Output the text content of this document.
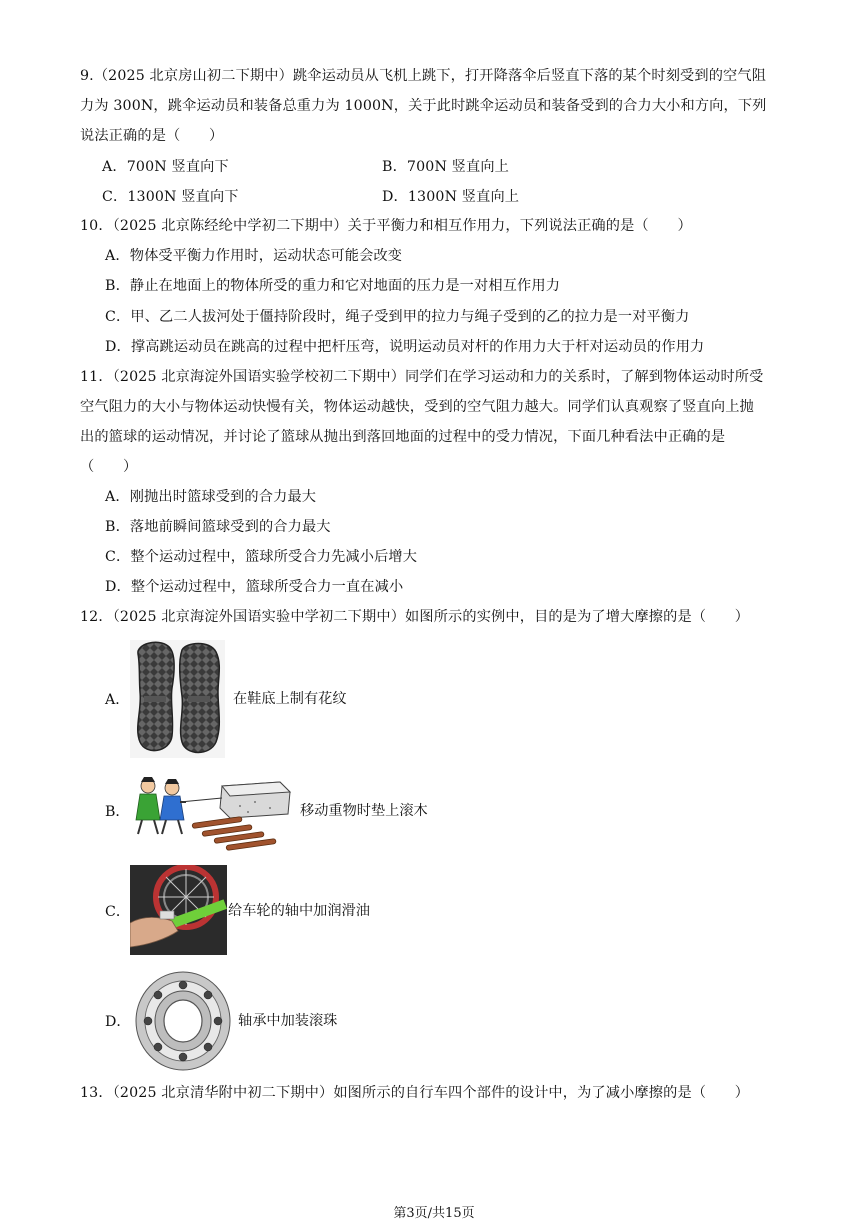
9.（2025 北京房山初二下期中）跳伞运动员从飞机上跳下，打开降落伞后竖直下落的某个时刻受到的空气阻
力为 300N，跳伞运动员和装备总重力为 1000N，关于此时跳伞运动员和装备受到的合力大小和方向，下列
说法正确的是（　　）
A．700N 竖直向下	B．700N 竖直向上
C．1300N 竖直向下	D．1300N 竖直向上
10．（2025 北京陈经纶中学初二下期中）关于平衡力和相互作用力，下列说法正确的是（　　）
A．物体受平衡力作用时，运动状态可能会改变
B．静止在地面上的物体所受的重力和它对地面的压力是一对相互作用力
C．甲、乙二人拔河处于僵持阶段时，绳子受到甲的拉力与绳子受到的乙的拉力是一对平衡力
D．撑高跳运动员在跳高的过程中把杆压弯，说明运动员对杆的作用力大于杆对运动员的作用力
11．（2025 北京海淀外国语实验学校初二下期中）同学们在学习运动和力的关系时，了解到物体运动时所受
空气阻力的大小与物体运动快慢有关，物体运动越快，受到的空气阻力越大。同学们认真观察了竖直向上抛
出的篮球的运动情况，并讨论了篮球从抛出到落回地面的过程中的受力情况，下面几种看法中正确的是
（　　）
A．刚抛出时篮球受到的合力最大
B．落地前瞬间篮球受到的合力最大
C．整个运动过程中，篮球所受合力先减小后增大
D．整个运动过程中，篮球所受合力一直在减小
12．（2025 北京海淀外国语实验中学初二下期中）如图所示的实例中，目的是为了增大摩擦的是（　　）
A．	在鞋底上制有花纹
B．	移动重物时垫上滚木
C．	给车轮的轴中加润滑油
D．	轴承中加装滚珠
13．（2025 北京清华附中初二下期中）如图所示的自行车四个部件的设计中，为了减小摩擦的是（　　）
第3页/共15页
